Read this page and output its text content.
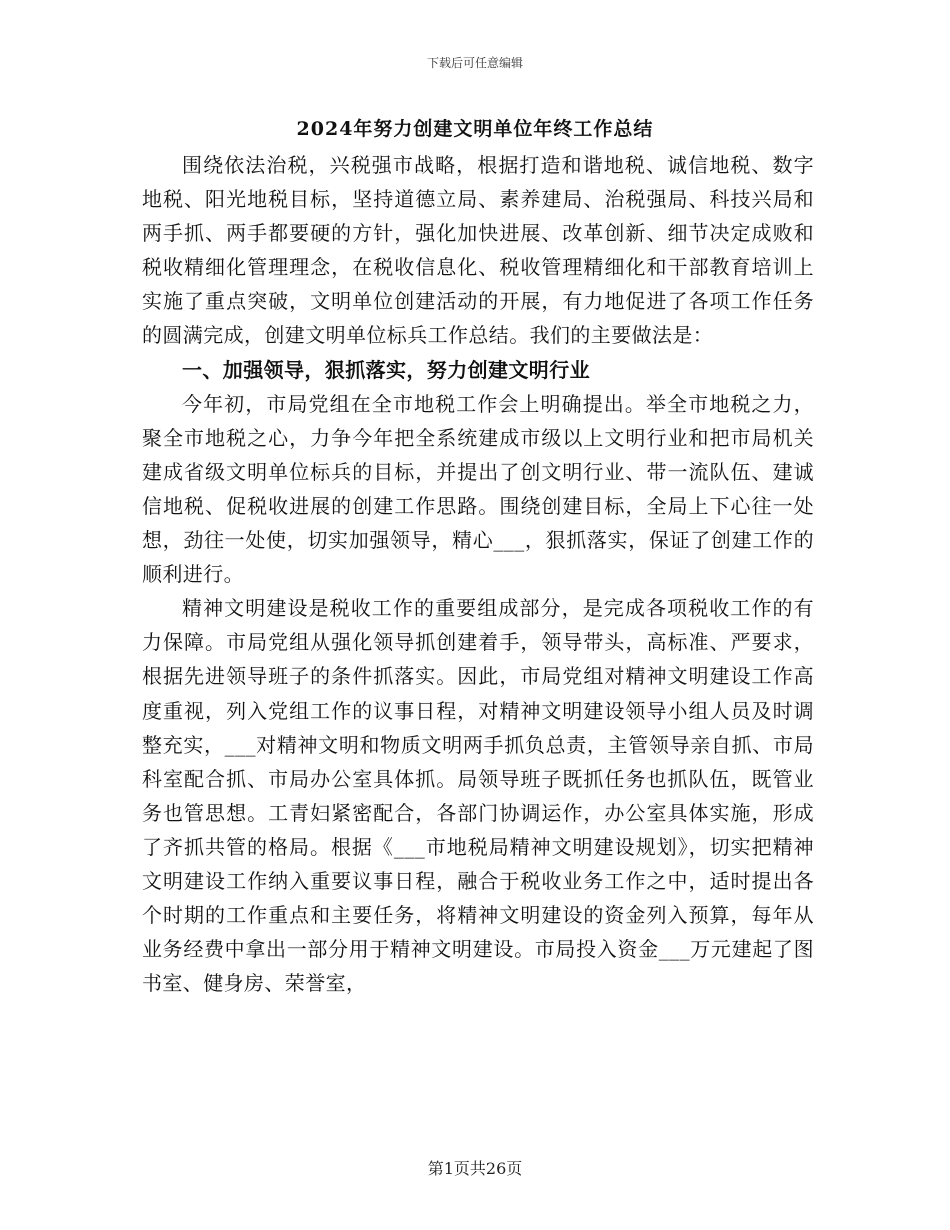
下载后可任意编辑
2024年努力创建文明单位年终工作总结

围绕依法治税，兴税强市战略，根据打造和谐地税、诚信地税、数字地税、阳光地税目标，坚持道德立局、素养建局、治税强局、科技兴局和两手抓、两手都要硬的方针，强化加快进展、改革创新、细节决定成败和税收精细化管理理念，在税收信息化、税收管理精细化和干部教育培训上实施了重点突破，文明单位创建活动的开展，有力地促进了各项工作任务的圆满完成，创建文明单位标兵工作总结。我们的主要做法是：

一、加强领导，狠抓落实，努力创建文明行业

今年初，市局党组在全市地税工作会上明确提出。举全市地税之力，聚全市地税之心，力争今年把全系统建成市级以上文明行业和把市局机关建成省级文明单位标兵的目标，并提出了创文明行业、带一流队伍、建诚信地税、促税收进展的创建工作思路。围绕创建目标，全局上下心往一处想，劲往一处使，切实加强领导，精心___，狠抓落实，保证了创建工作的顺利进行。

精神文明建设是税收工作的重要组成部分，是完成各项税收工作的有力保障。市局党组从强化领导抓创建着手，领导带头，高标准、严要求，根据先进领导班子的条件抓落实。因此，市局党组对精神文明建设工作高度重视，列入党组工作的议事日程，对精神文明建设领导小组人员及时调整充实，___对精神文明和物质文明两手抓负总责，主管领导亲自抓、市局科室配合抓、市局办公室具体抓。局领导班子既抓任务也抓队伍，既管业务也管思想。工青妇紧密配合，各部门协调运作，办公室具体实施，形成了齐抓共管的格局。根据《___市地税局精神文明建设规划》，切实把精神文明建设工作纳入重要议事日程，融合于税收业务工作之中，适时提出各个时期的工作重点和主要任务，将精神文明建设的资金列入预算，每年从业务经费中拿出一部分用于精神文明建设。市局投入资金___万元建起了图书室、健身房、荣誉室，

第1页共26页
